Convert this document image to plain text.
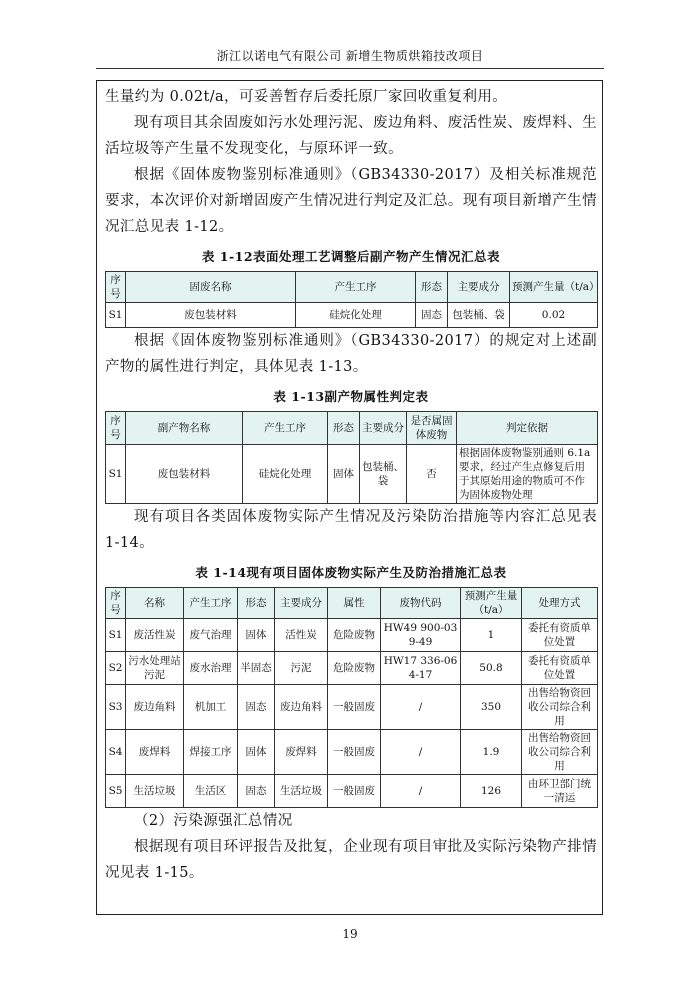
浙江以诺电气有限公司 新增生物质烘箱技改项目

生量约为 0.02t/a，可妥善暂存后委托原厂家回收重复利用。

现有项目其余固废如污水处理污泥、废边角料、废活性炭、废焊料、生活垃圾等产生量不发现变化，与原环评一致。

根据《固体废物鉴别标准通则》（GB34330-2017）及相关标准规范要求，本次评价对新增固废产生情况进行判定及汇总。现有项目新增产生情况汇总见表 1-12。

表 1-12表面处理工艺调整后副产物产生情况汇总表
序号	固废名称	产生工序	形态	主要成分	预测产生量（t/a）
S1	废包装材料	硅烷化处理	固态	包装桶、袋	0.02

根据《固体废物鉴别标准通则》（GB34330-2017）的规定对上述副产物的属性进行判定，具体见表 1-13。

表 1-13副产物属性判定表
序号	副产物名称	产生工序	形态	主要成分	是否属固体废物	判定依据
S1	废包装材料	硅烷化处理	固体	包装桶、袋	否	根据固体废物鉴别通则 6.1a 要求，经过产生点修复后用于其原始用途的物质可不作为固体废物处理

现有项目各类固体废物实际产生情况及污染防治措施等内容汇总见表 1-14。

表 1-14现有项目固体废物实际产生及防治措施汇总表
序号	名称	产生工序	形态	主要成分	属性	废物代码	预测产生量（t/a）	处理方式
S1	废活性炭	废气治理	固体	活性炭	危险废物	HW49 900-039-49	1	委托有资质单位处置
S2	污水处理站污泥	废水治理	半固态	污泥	危险废物	HW17 336-064-17	50.8	委托有资质单位处置
S3	废边角料	机加工	固态	废边角料	一般固废	/	350	出售给物资回收公司综合利用
S4	废焊料	焊接工序	固体	废焊料	一般固废	/	1.9	出售给物资回收公司综合利用
S5	生活垃圾	生活区	固态	生活垃圾	一般固废	/	126	由环卫部门统一清运

（2）污染源强汇总情况

根据现有项目环评报告及批复，企业现有项目审批及实际污染物产排情况见表 1-15。

19
